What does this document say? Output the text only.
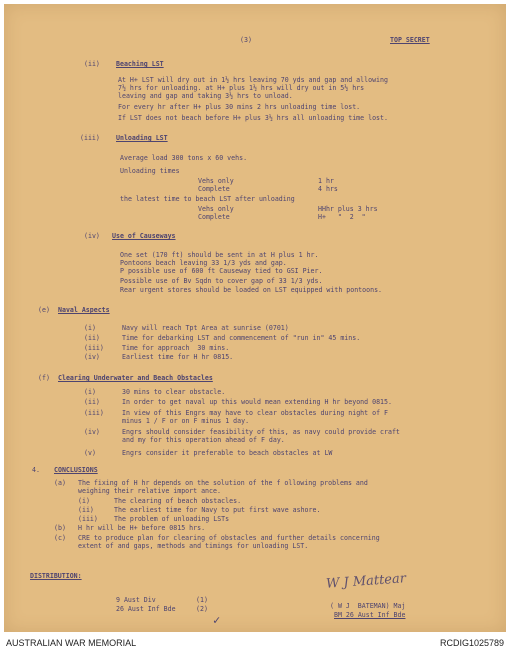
(3)	TOP SECRET
(ii) Beaching LST
At H+ LST will dry out in 1½ hrs leaving 70 yds and gap and allowing
7½ hrs for unloading. at H+ plus 1½ hrs will dry out in 5½ hrs
leaving and gap and taking 3½ hrs to unload.
For every hr after H+ plus 30 mins 2 hrs unloading time lost.
If LST does not beach before H+ plus 3½ hrs all unloading time lost.
(iii) Unloading LST
Average load 300 tons x 60 vehs.
Unloading times
Vehs only	1 hr
Complete	4 hrs
the latest time to beach LST after unloading
Vehs only	HHhr plus 3 hrs
Complete	H+   "  2  "
(iv) Use of Causeways
One set (170 ft) should be sent in at H plus 1 hr.
Pontoons beach leaving 33 1/3 yds and gap.
P possible use of 600 ft Causeway tied to GSI Pier.
Possible use of Bv Sqdn to cover gap of 33 1/3 yds.
Rear urgent stores should be loaded on LST equipped with pontoons.
(e) Naval Aspects
(i)	Navy will reach Tpt Area at sunrise (0701)
(ii)	Time for debarking LST and commencement of "run in" 45 mins.
(iii)	Time for approach  30 mins.
(iv)	Earliest time for H hr 0815.
(f) Clearing Underwater and Beach Obstacles
(i)	30 mins to clear obstacle.
(ii)	In order to get naval up this would mean extending H hr beyond 0815.
(iii)	In view of this Engrs may have to clear obstacles during night of F
minus 1 / F or on F minus 1 day.
(iv)	Engrs should consider feasibility of this, as navy could provide craft
and my for this operation ahead of F day.
(v)	Engrs consider it preferable to beach obstacles at LW
4. CONCLUSIONS
(a) The fixing of H hr depends on the solution of the f ollowing problems and
weighing their relative import ance.
(i)	The clearing of beach obstacles.
(ii)	The earliest time for Navy to put first wave ashore.
(iii) The problem of unloading LSTs
(b) H hr will be H+ before 0815 hrs.
(c) CRE to produce plan for clearing of obstacles and further details concerning
extent of and gaps, methods and timings for unloading LST.
DISTRIBUTION:
9 Aust Div	(1)
26 Aust Inf Bde	(2)
✓
W J Mattear
( W J  BATEMAN) Maj
BM 26 Aust Inf Bde
AUSTRALIAN WAR MEMORIAL	RCDIG1025789
